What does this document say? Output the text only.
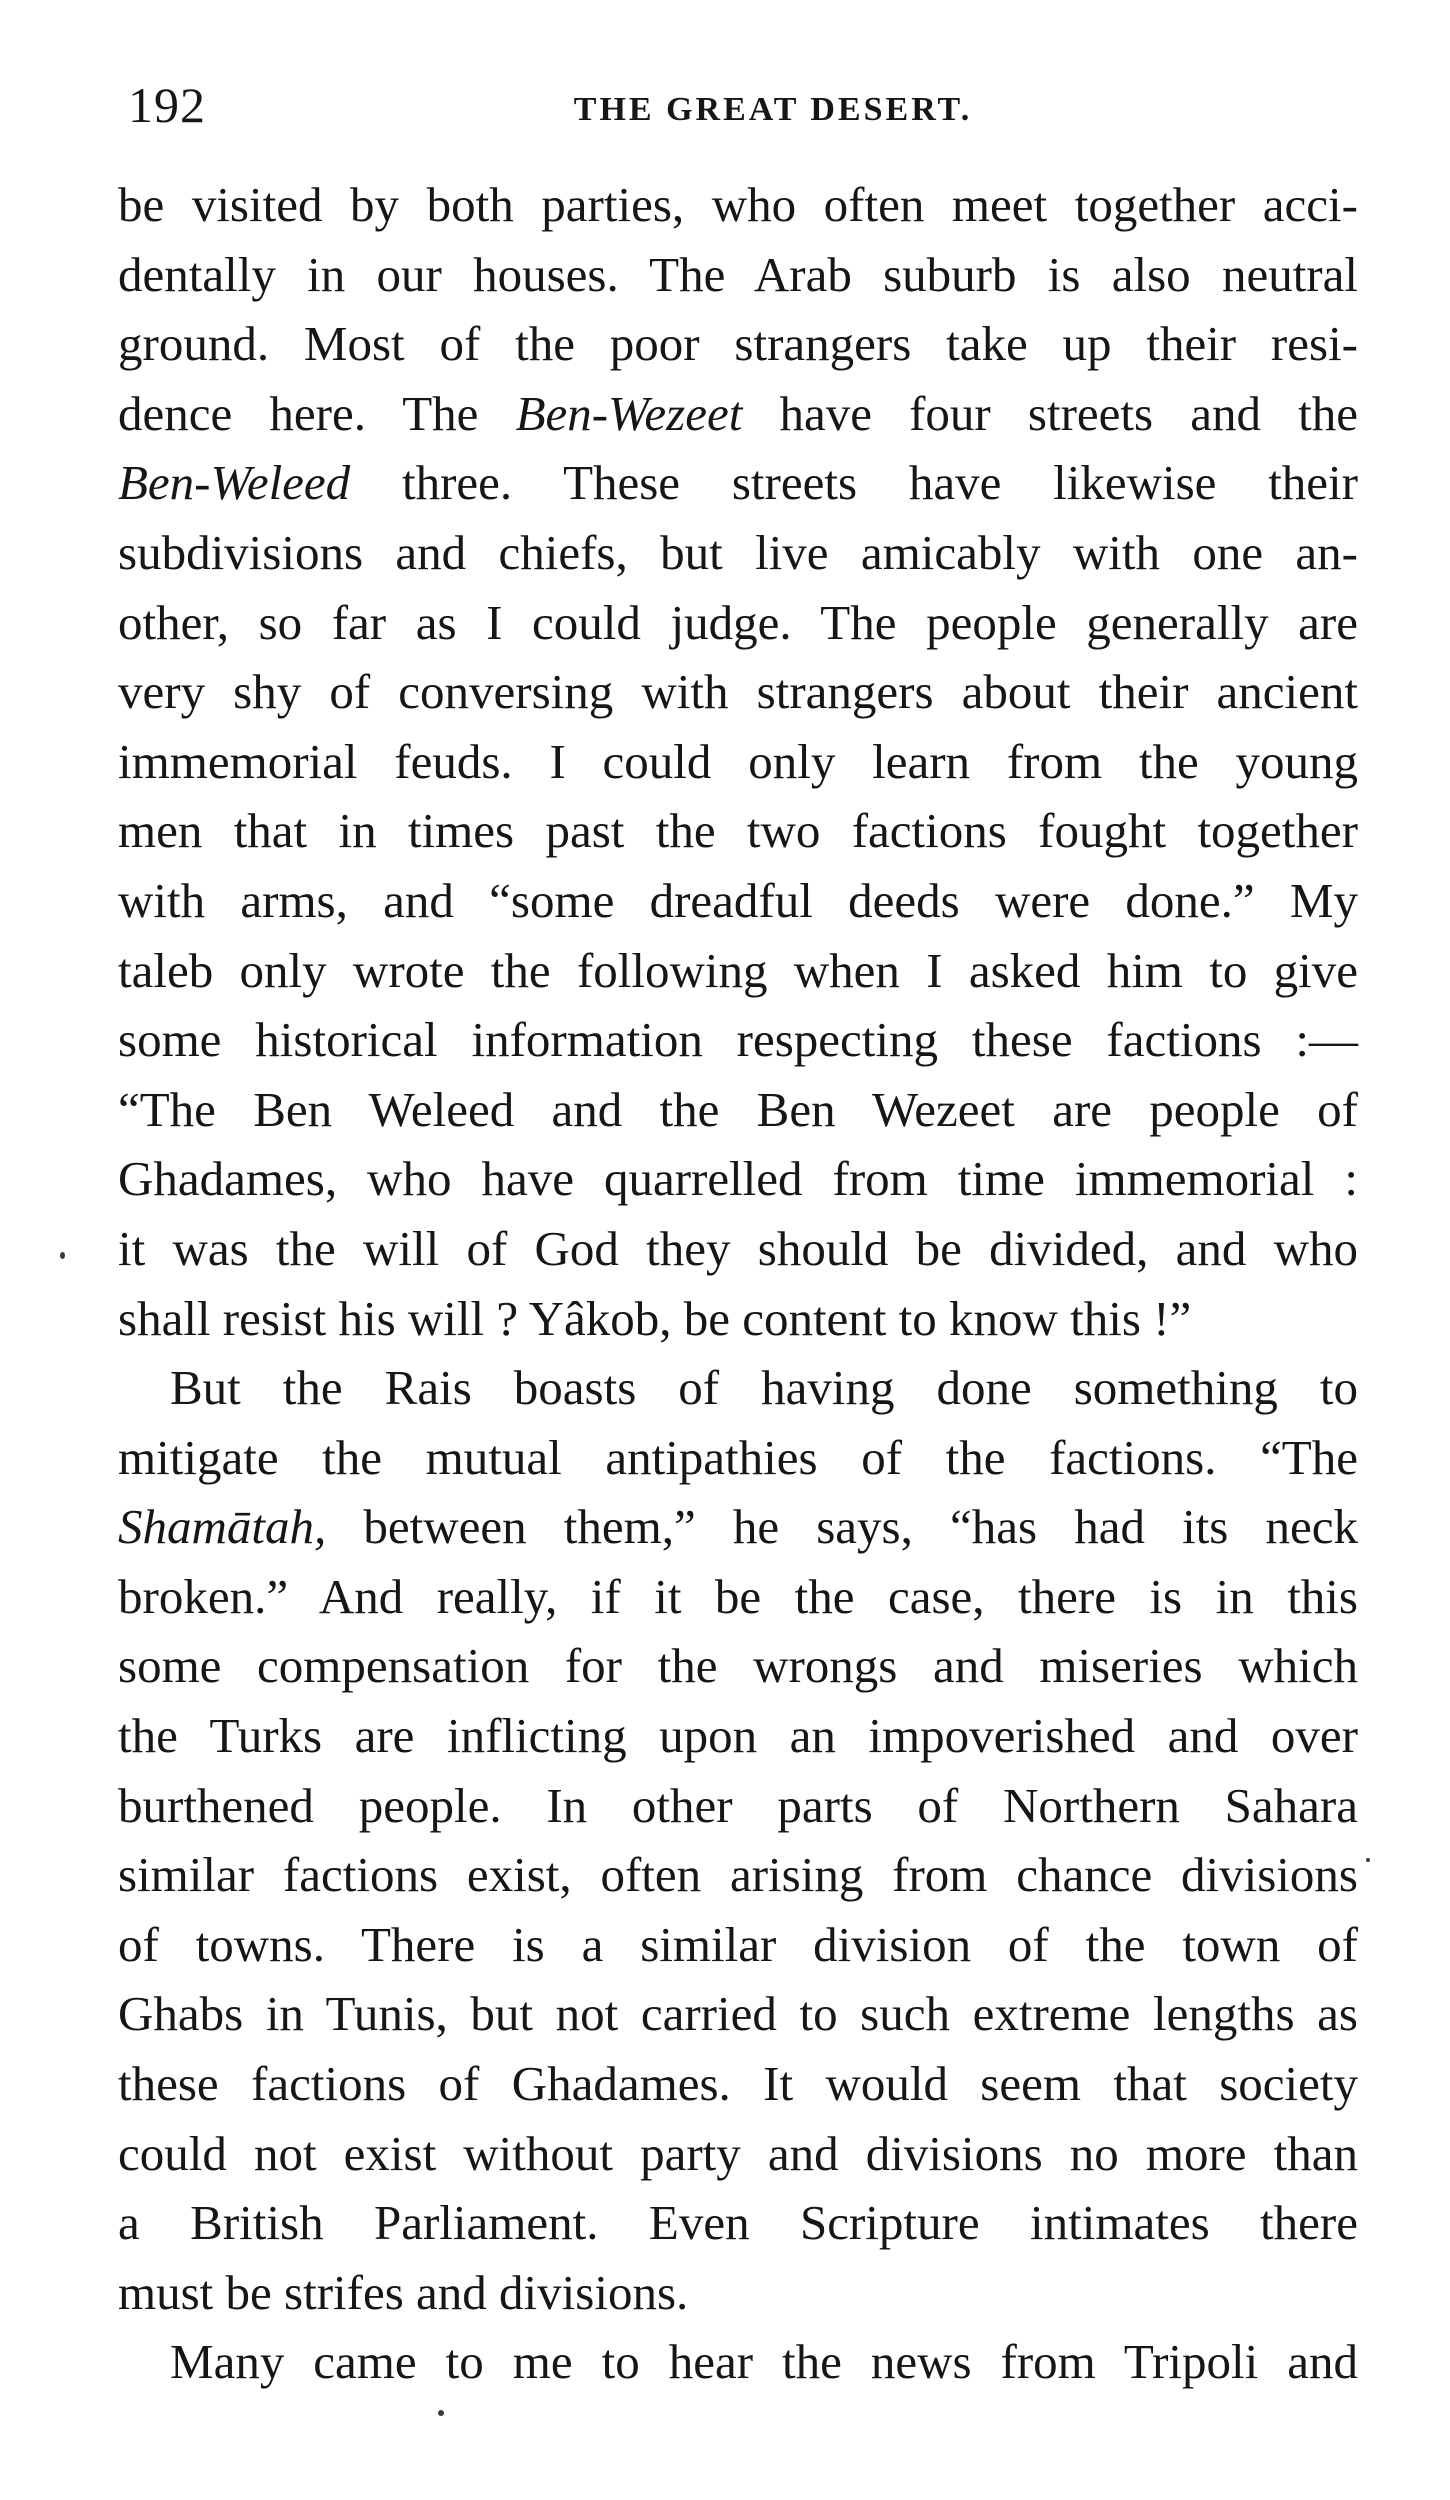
192	THE GREAT DESERT.
be visited by both parties, who often meet together acci-
dentally in our houses. The Arab suburb is also neutral
ground. Most of the poor strangers take up their resi-
dence here. The Ben-Wezeet have four streets and the
Ben-Weleed three. These streets have likewise their
subdivisions and chiefs, but live amicably with one an-
other, so far as I could judge. The people generally are
very shy of conversing with strangers about their ancient
immemorial feuds. I could only learn from the young
men that in times past the two factions fought together
with arms, and “some dreadful deeds were done.” My
taleb only wrote the following when I asked him to give
some historical information respecting these factions :—
“The Ben Weleed and the Ben Wezeet are people of
Ghadames, who have quarrelled from time immemorial :
it was the will of God they should be divided, and who
shall resist his will ? Yâkob, be content to know this !”
But the Rais boasts of having done something to
mitigate the mutual antipathies of the factions. “The
Shamātah, between them,” he says, “has had its neck
broken.” And really, if it be the case, there is in this
some compensation for the wrongs and miseries which
the Turks are inflicting upon an impoverished and over
burthened people. In other parts of Northern Sahara
similar factions exist, often arising from chance divisions
of towns. There is a similar division of the town of
Ghabs in Tunis, but not carried to such extreme lengths as
these factions of Ghadames. It would seem that society
could not exist without party and divisions no more than
a British Parliament. Even Scripture intimates there
must be strifes and divisions.
Many came to me to hear the news from Tripoli and
